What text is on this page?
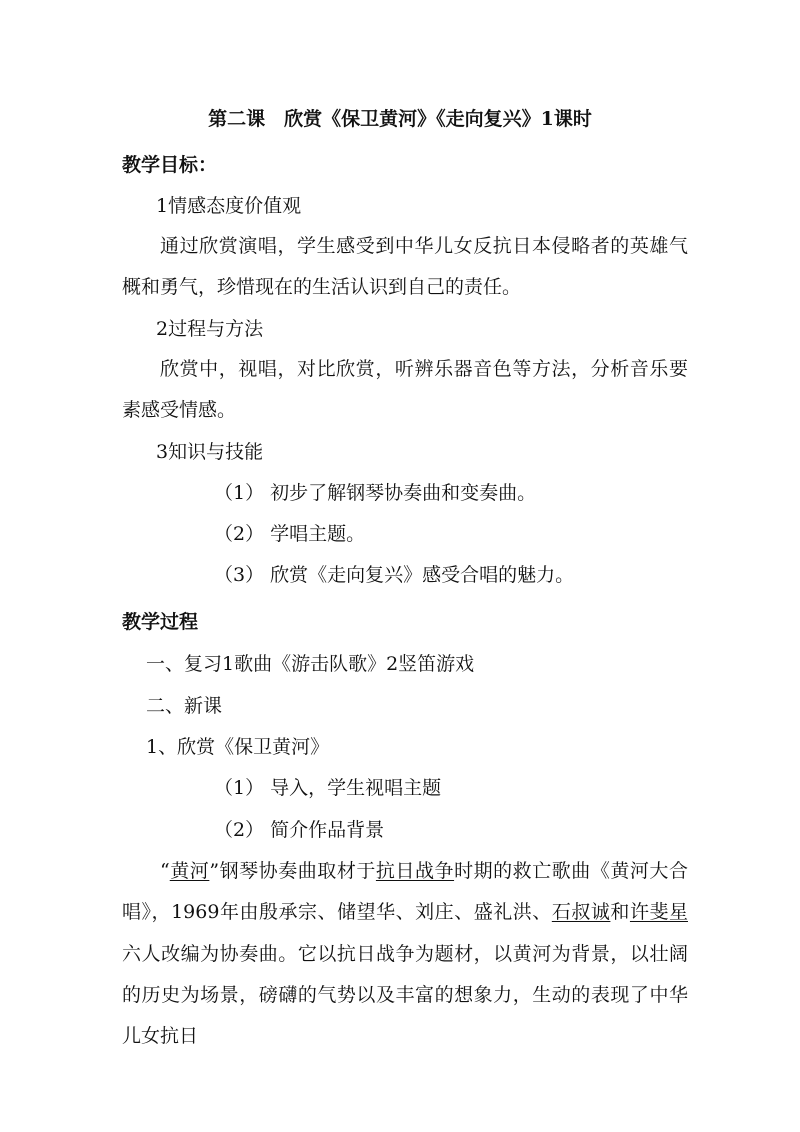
第二课　欣赏《保卫黄河》《走向复兴》1课时
教学目标：
1情感态度价值观
通过欣赏演唱，学生感受到中华儿女反抗日本侵略者的英雄气概和勇气，珍惜现在的生活认识到自己的责任。
2过程与方法
欣赏中，视唱，对比欣赏，听辨乐器音色等方法，分析音乐要素感受情感。
3知识与技能
（1） 初步了解钢琴协奏曲和变奏曲。
（2） 学唱主题。
（3） 欣赏《走向复兴》感受合唱的魅力。
教学过程
一、复习1歌曲《游击队歌》2竖笛游戏
二、新课
1、欣赏《保卫黄河》
（1） 导入，学生视唱主题
（2） 简介作品背景
“黄河”钢琴协奏曲取材于抗日战争时期的救亡歌曲《黄河大合唱》，1969年由殷承宗、储望华、刘庄、盛礼洪、石叔诚和许斐星六人改编为协奏曲。它以抗日战争为题材，以黄河为背景，以壮阔的历史为场景，磅礴的气势以及丰富的想象力，生动的表现了中华儿女抗日
